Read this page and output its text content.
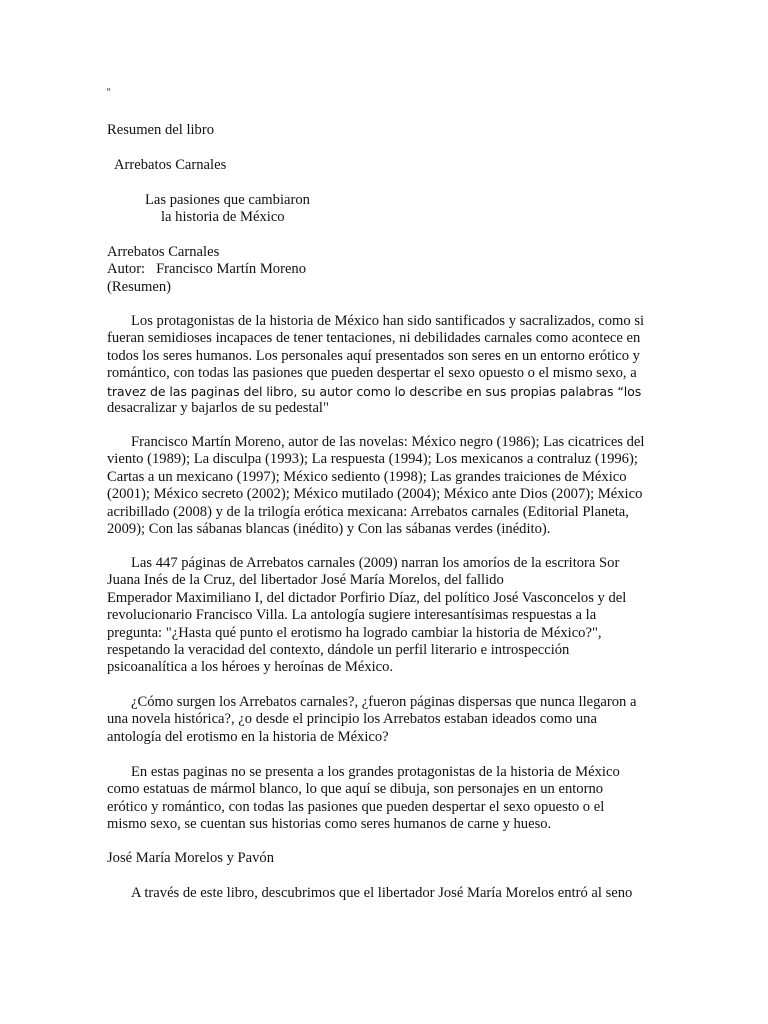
º

Resumen del libro

Arrebatos Carnales

Las pasiones que cambiaron

la historia de México

Arrebatos Carnales
Autor: Francisco Martín Moreno
(Resumen)
Los protagonistas de la historia de México han sido santificados y sacralizados, como si
fueran semidioses incapaces de tener tentaciones, ni debilidades carnales como acontece en
todos los seres humanos. Los personales aquí presentados son seres en un entorno erótico y
romántico, con todas las pasiones que pueden despertar el sexo opuesto o el mismo sexo, a
travez de las paginas del libro, su autor como lo describe en sus propias palabras “los
desacralizar y bajarlos de su pedestal"
Francisco Martín Moreno, autor de las novelas: México negro (1986); Las cicatrices del
viento (1989); La disculpa (1993); La respuesta (1994); Los mexicanos a contraluz (1996);
Cartas a un mexicano (1997); México sediento (1998); Las grandes traiciones de México
(2001); México secreto (2002); México mutilado (2004); México ante Dios (2007); México
acribillado (2008) y de la trilogía erótica mexicana: Arrebatos carnales (Editorial Planeta,
2009); Con las sábanas blancas (inédito) y Con las sábanas verdes (inédito).
Las 447 páginas de Arrebatos carnales (2009) narran los amoríos de la escritora Sor
Juana Inés de la Cruz, del libertador José María Morelos, del fallido
Emperador Maximiliano I, del dictador Porfirio Díaz, del político José Vasconcelos y del
revolucionario Francisco Villa. La antología sugiere interesantísimas respuestas a la
pregunta: "¿Hasta qué punto el erotismo ha logrado cambiar la historia de México?",
respetando la veracidad del contexto, dándole un perfil literario e introspección
psicoanalítica a los héroes y heroínas de México.
¿Cómo surgen los Arrebatos carnales?, ¿fueron páginas dispersas que nunca llegaron a
una novela histórica?, ¿o desde el principio los Arrebatos estaban ideados como una
antología del erotismo en la historia de México?
En estas paginas no se presenta a los grandes protagonistas de la historia de México
como estatuas de mármol blanco, lo que aquí se dibuja, son personajes en un entorno
erótico y romántico, con todas las pasiones que pueden despertar el sexo opuesto o el
mismo sexo, se cuentan sus historias como seres humanos de carne y hueso.

José María Morelos y Pavón

A través de este libro, descubrimos que el libertador José María Morelos entró al seno
